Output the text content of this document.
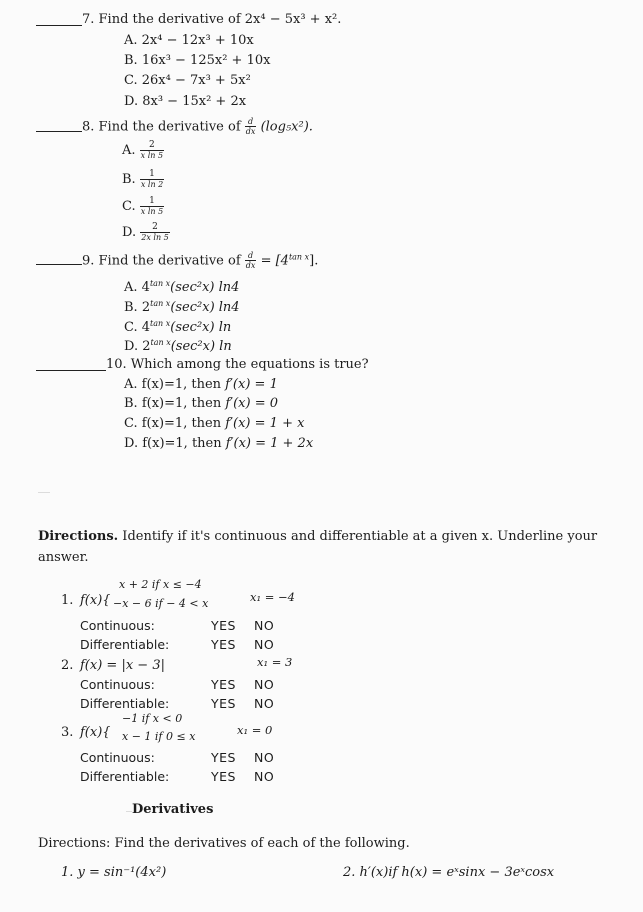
7. Find the derivative of 2x⁴ − 5x³ + x².
A. 2x⁴ − 12x³ + 10x
B. 16x³ − 125x² + 10x
C. 26x⁴ − 7x³ + 5x²
D. 8x³ − 15x² + 2x
8. Find the derivative of $\frac{d}{dx} (\log_5x^2)$.
A. $\frac{2}{\text{x ln 5}}$
B. $\frac{1}{\text{x ln 2}}$
C. $\frac{1}{\text{x ln 5}}$
D. $\frac{2}{\text{2x ln 5}}$
9. Find the derivative of $\frac{d}{dx} = [4^{tan x}]$.
A. $4^{tan x}(\sec^2x)$ ln4
B. $2^{tan x}(\sec^2x)$ ln4
C. $4^{tan x}(\sec^2x)$ ln
D. $2^{tan x}(\sec^2x)$ ln
10. Which among the equations is true?
A. f(x)=1, then f′(x) = 1
B. f(x)=1, then f′(x) = 0
C. f(x)=1, then f′(x) = 1 + x
D. f(x)=1, then f′(x) = 1 + 2x
Directions. Identify if it's continuous and differentiable at a given x. Underline your
answer.
1. f(x){
x + 2 if x ≤ −4
−x − 6 if − 4 < x	x₁ = −4
Continuous:	YES NO
Differentiable:	YES NO
2. f(x) = |x − 3|	x₁ = 3
Continuous:	YES NO
Differentiable:	YES NO
3. f(x){
−1 if x < 0
x − 1 if 0 ≤ x	x₁ = 0
Continuous:	YES NO
Differentiable:	YES NO
Derivatives
Directions: Find the derivatives of each of the following.
1. y = sin⁻¹(4x²)	2. h′(x)if h(x) = eˣsinx − 3eˣcosx
